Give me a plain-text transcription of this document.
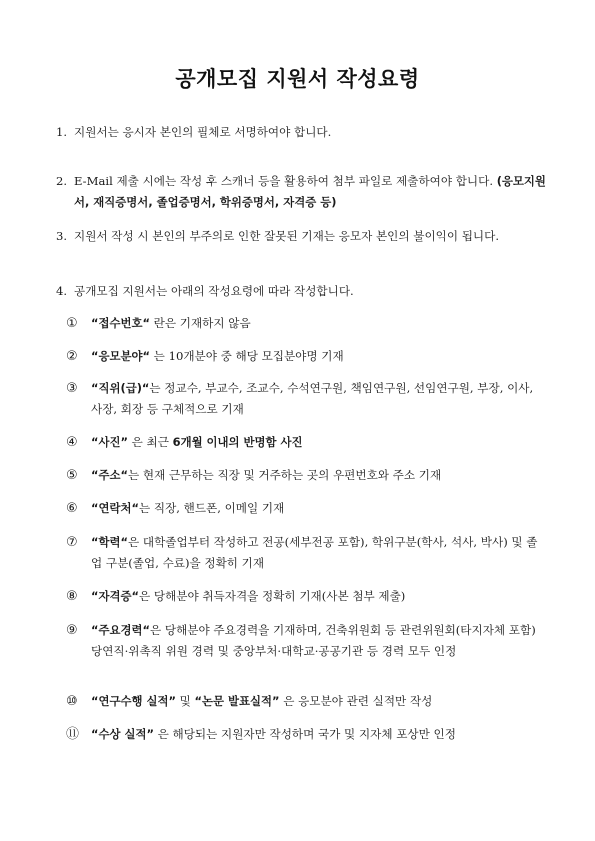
공개모집 지원서 작성요령
1. 지원서는 응시자 본인의 필체로 서명하여야 합니다.
2. E-Mail 제출 시에는 작성 후 스캐너 등을 활용하여 첨부 파일로 제출하여야 합니다. (응모지원서, 재직증명서, 졸업증명서, 학위증명서, 자격증 등)
3. 지원서 작성 시 본인의 부주의로 인한 잘못된 기재는 응모자 본인의 불이익이 됩니다.
4. 공개모집 지원서는 아래의 작성요령에 따라 작성합니다.
①	“접수번호“ 란은 기재하지 않음
②	“응모분야“ 는 10개분야 중 해당 모집분야명 기재
③	“직위(급)“는 정교수, 부교수, 조교수, 수석연구원, 책임연구원, 선임연구원, 부장, 이사, 사장, 회장 등 구체적으로 기재
④	“사진” 은 최근 6개월 이내의 반명함 사진
⑤	“주소“는 현재 근무하는 직장 및 거주하는 곳의 우편번호와 주소 기재
⑥	“연락처“는 직장, 핸드폰, 이메일 기재
⑦	“학력“은 대학졸업부터 작성하고 전공(세부전공 포함), 학위구분(학사, 석사, 박사) 및 졸업 구분(졸업, 수료)을 정확히 기재
⑧	“자격증“은 당해분야 취득자격을 정확히 기재(사본 첨부 제출)
⑨	“주요경력“은 당해분야 주요경력을 기재하며, 건축위원회 등 관련위원회(타지자체 포함) 당연직·위촉직 위원 경력 및 중앙부처·대학교·공공기관 등 경력 모두 인정
⑩	“연구수행 실적” 및 “논문 발표실적” 은 응모분야 관련 실적만 작성
⑪	“수상 실적” 은 해당되는 지원자만 작성하며 국가 및 지자체 포상만 인정
